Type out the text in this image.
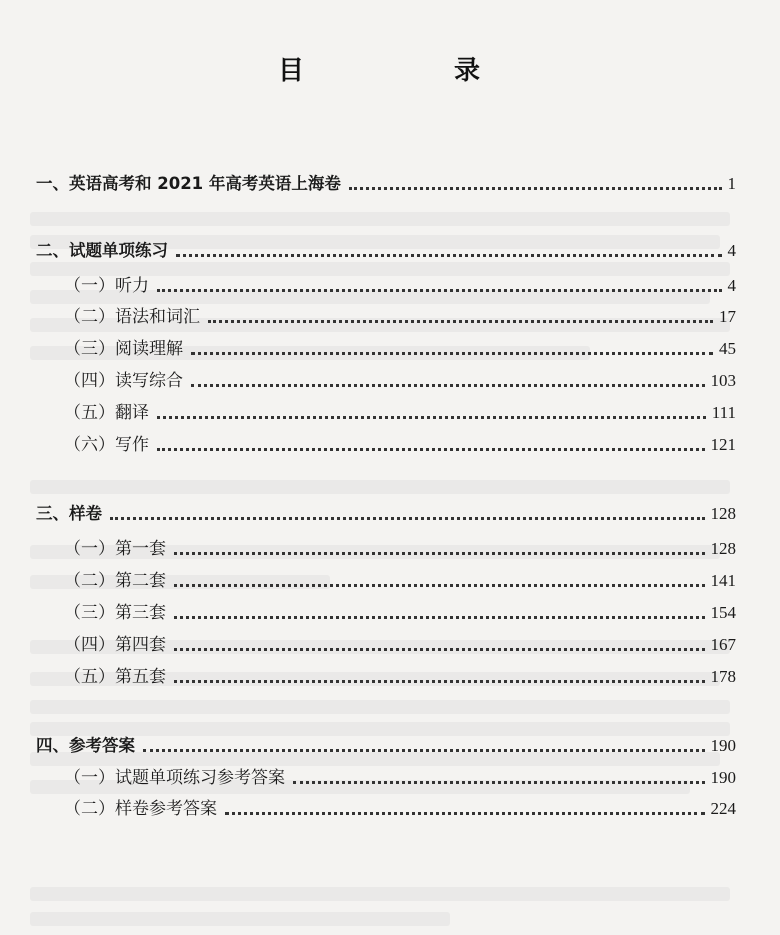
目　录
一、英语高考和 2021 年高考英语上海卷	1
二、试题单项练习	4
（一）听力	4
（二）语法和词汇	17
（三）阅读理解	45
（四）读写综合	103
（五）翻译	111
（六）写作	121
三、样卷	128
（一）第一套	128
（二）第二套	141
（三）第三套	154
（四）第四套	167
（五）第五套	178
四、参考答案	190
（一）试题单项练习参考答案	190
（二）样卷参考答案	224
